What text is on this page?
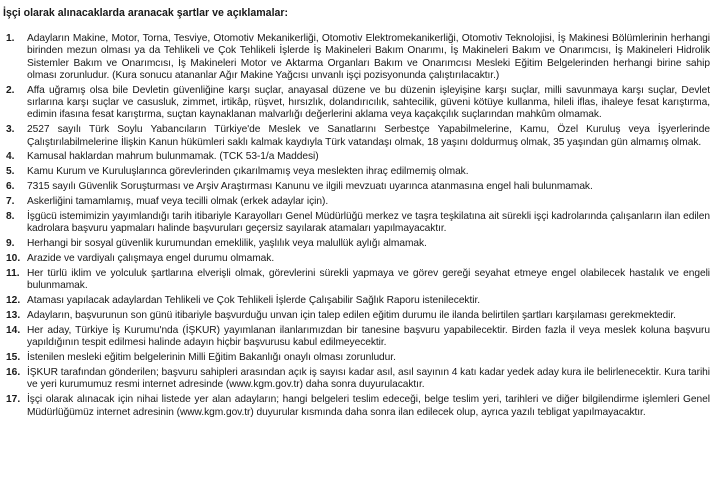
İşçi olarak alınacaklarda aranacak şartlar ve açıklamalar:
1.	Adayların Makine, Motor, Torna, Tesviye, Otomotiv Mekanikerliği, Otomotiv Elektromekanikerliği, Otomotiv Teknolojisi, İş Makinesi Bölümlerinin herhangi birinden mezun olması ya da Tehlikeli ve Çok Tehlikeli İşlerde İş Makineleri Bakım Onarımı, İş Makineleri Bakım ve Onarımcısı, İş Makineleri Hidrolik Sistemler Bakım ve Onarımcısı, İş Makineleri Motor ve Aktarma Organları Bakım ve Onarımcısı Mesleki Eğitim Belgelerinden herhangi birine sahip olması zorunludur. (Kura sonucu atananlar Ağır Makine Yağcısı unvanlı işçi pozisyonunda çalıştırılacaktır.)
2.	Affa uğramış olsa bile Devletin güvenliğine karşı suçlar, anayasal düzene ve bu düzenin işleyişine karşı suçlar, milli savunmaya karşı suçlar, Devlet sırlarına karşı suçlar ve casusluk, zimmet, irtikâp, rüşvet, hırsızlık, dolandırıcılık, sahtecilik, güveni kötüye kullanma, hileli iflas, ihaleye fesat karıştırma, edimin ifasına fesat karıştırma, suçtan kaynaklanan malvarlığı değerlerini aklama veya kaçakçılık suçlarından mahkûm olmamak.
3.	2527 sayılı Türk Soylu Yabancıların Türkiye'de Meslek ve Sanatlarını Serbestçe Yapabilmelerine, Kamu, Özel Kuruluş veya İşyerlerinde Çalıştırılabilmelerine İlişkin Kanun hükümleri saklı kalmak kaydıyla Türk vatandaşı olmak, 18 yaşını doldurmuş olmak, 35 yaşından gün almamış olmak.
4.	Kamusal haklardan mahrum bulunmamak. (TCK 53-1/a Maddesi)
5.	Kamu Kurum ve Kuruluşlarınca görevlerinden çıkarılmamış veya meslekten ihraç edilmemiş olmak.
6.	7315 sayılı Güvenlik Soruşturması ve Arşiv Araştırması Kanunu ve ilgili mevzuatı uyarınca atanmasına engel hali bulunmamak.
7.	Askerliğini tamamlamış, muaf veya tecilli olmak (erkek adaylar için).
8.	İşgücü istemimizin yayımlandığı tarih itibariyle Karayolları Genel Müdürlüğü merkez ve taşra teşkilatına ait sürekli işçi kadrolarında çalışanların ilan edilen kadrolara başvuru yapmaları halinde başvuruları geçersiz sayılarak atamaları yapılmayacaktır.
9.	Herhangi bir sosyal güvenlik kurumundan emeklilik, yaşlılık veya malullük aylığı almamak.
10. Arazide ve vardiyalı çalışmaya engel durumu olmamak.
11. Her türlü iklim ve yolculuk şartlarına elverişli olmak, görevlerini sürekli yapmaya ve görev gereği seyahat etmeye engel olabilecek hastalık ve engeli bulunmamak.
12. Ataması yapılacak adaylardan Tehlikeli ve Çok Tehlikeli İşlerde Çalışabilir Sağlık Raporu istenilecektir.
13. Adayların, başvurunun son günü itibariyle başvurduğu unvan için talep edilen eğitim durumu ile ilanda belirtilen şartları karşılaması gerekmektedir.
14. Her aday, Türkiye İş Kurumu'nda (İŞKUR) yayımlanan ilanlarımızdan bir tanesine başvuru yapabilecektir. Birden fazla il veya meslek koluna başvuru yapıldığının tespit edilmesi halinde adayın hiçbir başvurusu kabul edilmeyecektir.
15. İstenilen mesleki eğitim belgelerinin Milli Eğitim Bakanlığı onaylı olması zorunludur.
16. İŞKUR tarafından gönderilen; başvuru sahipleri arasından açık iş sayısı kadar asıl, asıl sayının 4 katı kadar yedek aday kura ile belirlenecektir. Kura tarihi ve yeri kurumumuz resmi internet adresinde (www.kgm.gov.tr) daha sonra duyurulacaktır.
17. İşçi olarak alınacak için nihai listede yer alan adayların; hangi belgeleri teslim edeceği, belge teslim yeri, tarihleri ve diğer bilgilendirme işlemleri Genel Müdürlüğümüz internet adresinin (www.kgm.gov.tr) duyurular kısmında daha sonra ilan edilecek olup, ayrıca yazılı tebligat yapılmayacaktır.
